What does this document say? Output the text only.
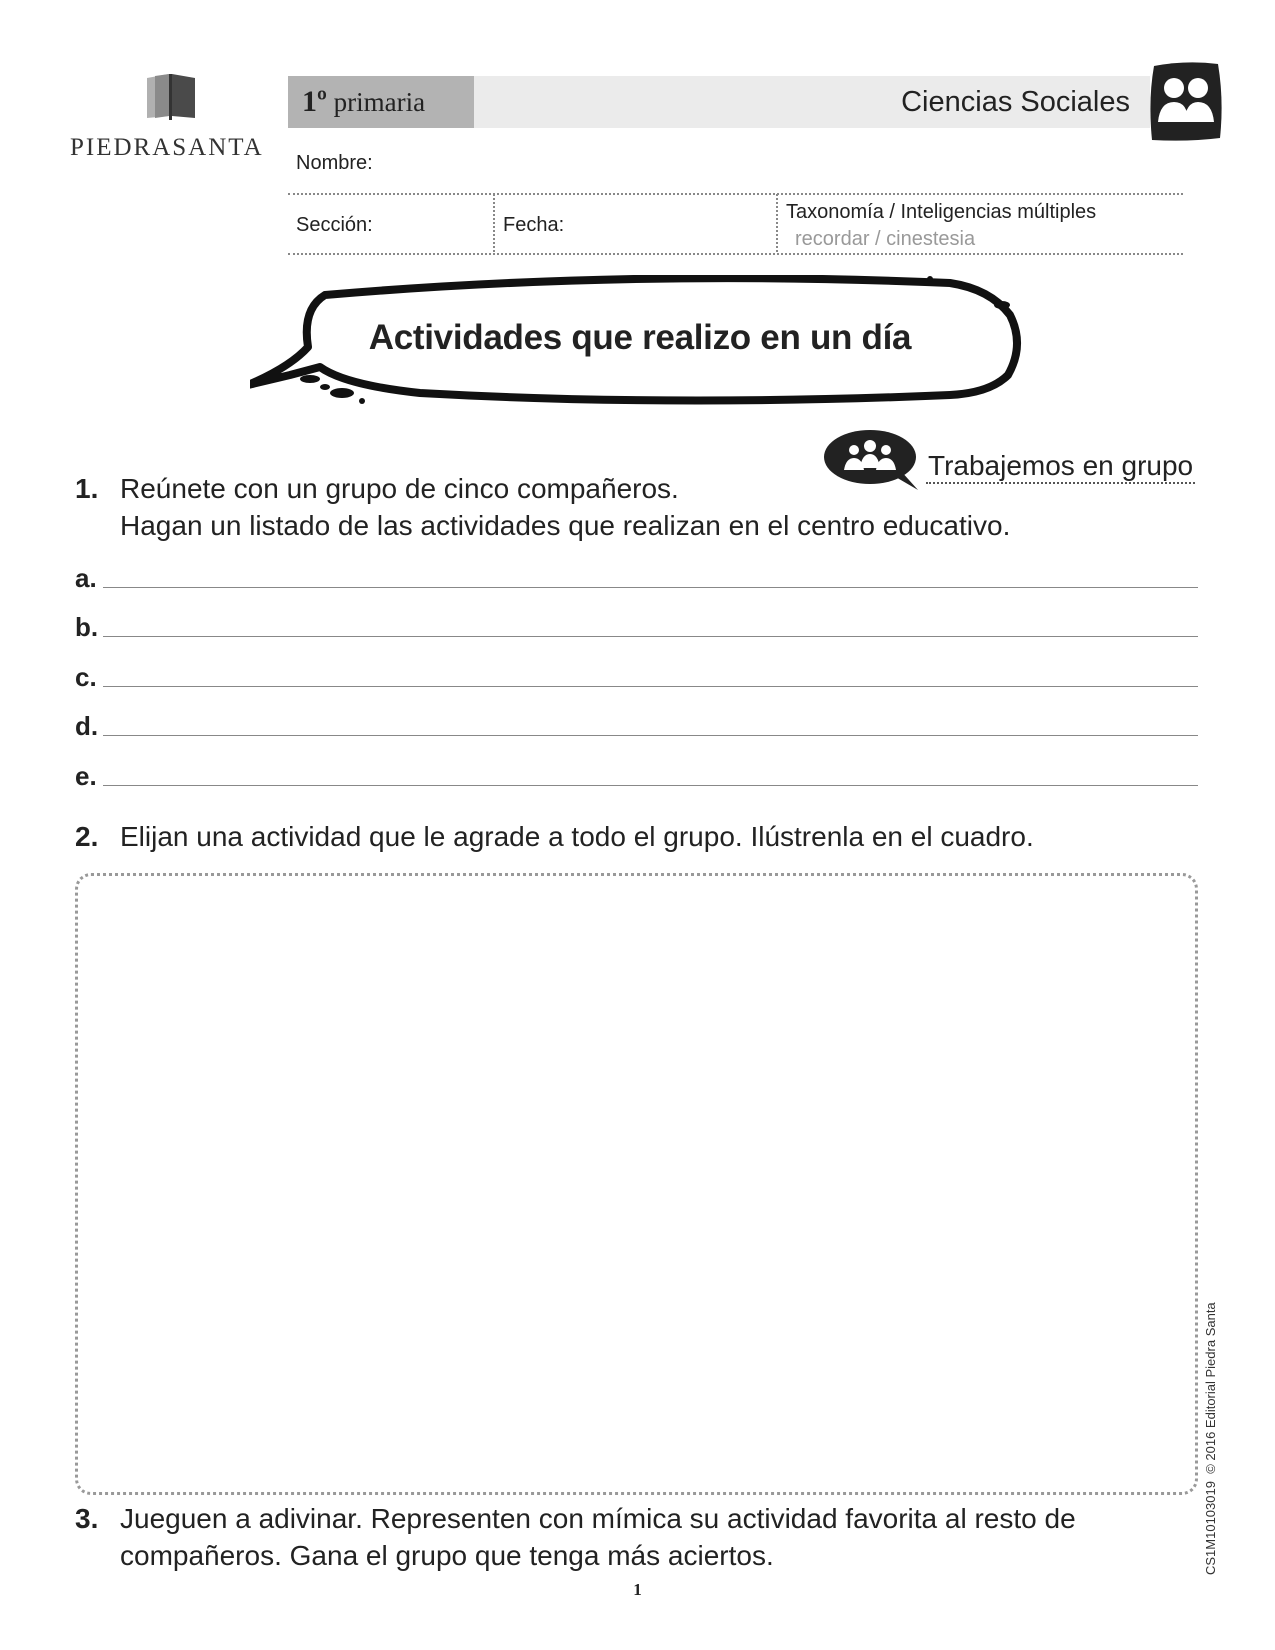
PIEDRASANTA
1º primaria	Ciencias Sociales
Nombre:
Sección:	Fecha:
Taxonomía / Inteligencias múltiples
recordar / cinestesia
Actividades que realizo en un día
Trabajemos en grupo
1. Reúnete con un grupo de cinco compañeros.
Hagan un listado de las actividades que realizan en el centro educativo.
a.
b.
c.
d.
e.
2. Elijan una actividad que le agrade a todo el grupo. Ilústrenla en el cuadro.
3. Jueguen a adivinar. Representen con mímica su actividad favorita al resto de
compañeros. Gana el grupo que tenga más aciertos.	CS1M10103019  © 2016 Editorial Piedra Santa
1
